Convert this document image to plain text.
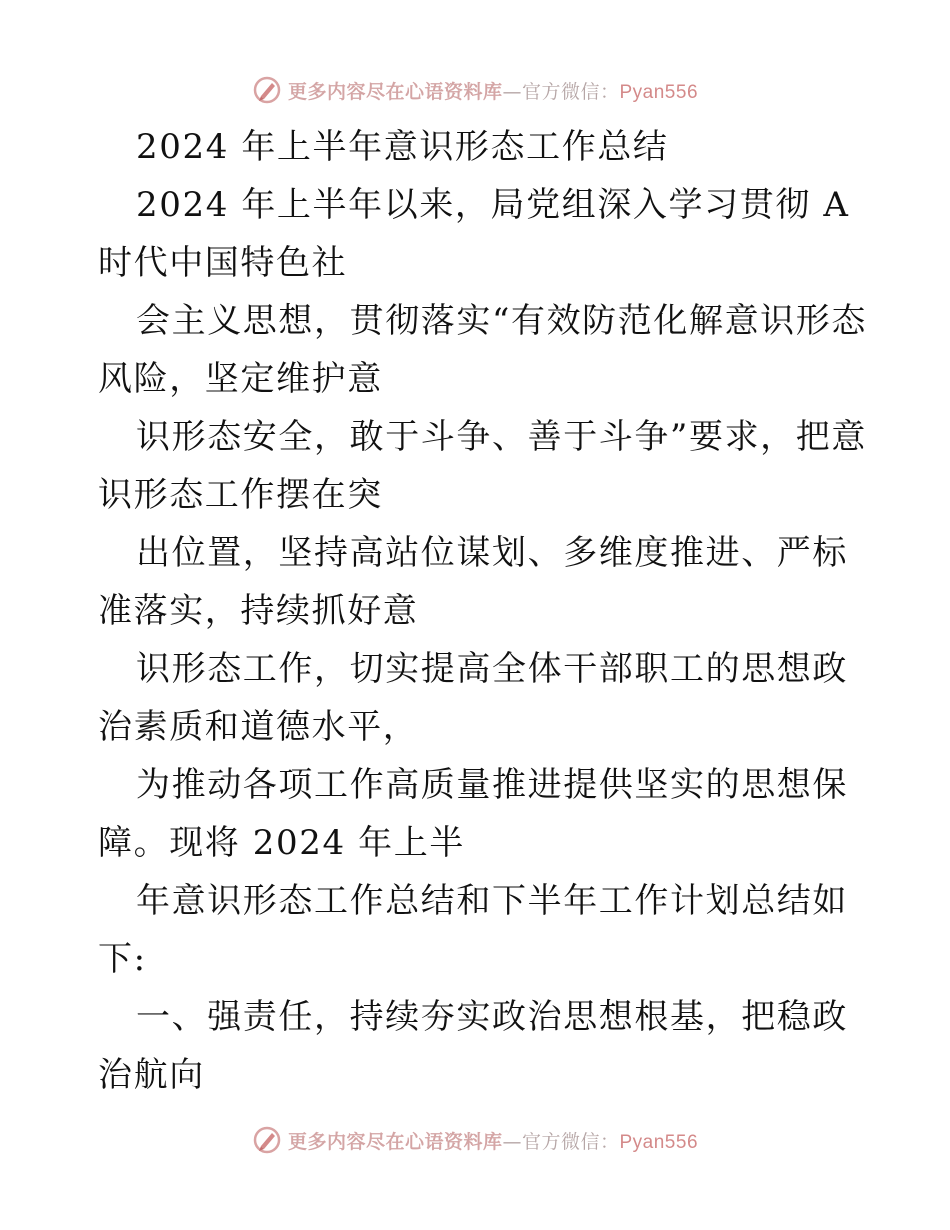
更多内容尽在心语资料库—官方微信：Pyan556

2024 年上半年意识形态工作总结

2024 年上半年以来，局党组深入学习贯彻 A时代中国特色社

会主义思想，贯彻落实“有效防范化解意识形态风险，坚定维护意

识形态安全，敢于斗争、善于斗争”要求，把意识形态工作摆在突

出位置，坚持高站位谋划、多维度推进、严标准落实，持续抓好意

识形态工作，切实提高全体干部职工的思想政治素质和道德水平，

为推动各项工作高质量推进提供坚实的思想保障。现将 2024 年上半

年意识形态工作总结和下半年工作计划总结如下:

一、强责任，持续夯实政治思想根基，把稳政治航向

更多内容尽在心语资料库—官方微信：Pyan556
